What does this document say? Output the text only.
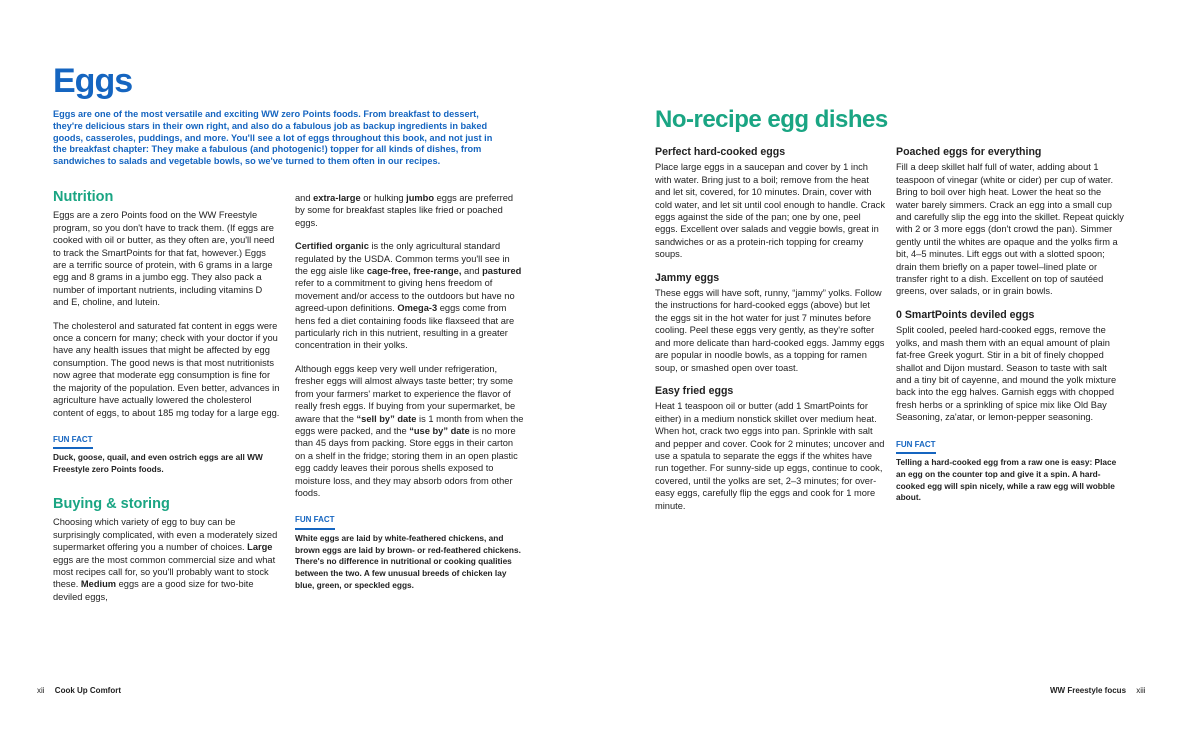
Eggs

Eggs are one of the most versatile and exciting WW zero Points foods. From breakfast to dessert, they're delicious stars in their own right, and also do a fabulous job as backup ingredients in baked goods, casseroles, puddings, and more. You'll see a lot of eggs throughout this book, and not just in the breakfast chapter: They make a fabulous (and photogenic!) topper for all kinds of dishes, from sandwiches to salads and vegetable bowls, so we've turned to them often in our recipes.

Nutrition

Eggs are a zero Points food on the WW Freestyle program, so you don't have to track them. (If eggs are cooked with oil or butter, as they often are, you'll need to track the SmartPoints for that fat, however.) Eggs are a terrific source of protein, with 6 grams in a large egg and 8 grams in a jumbo egg. They also pack a number of important nutrients, including vitamins D and E, choline, and lutein.

The cholesterol and saturated fat content in eggs were once a concern for many; check with your doctor if you have any health issues that might be affected by egg consumption. The good news is that most nutritionists now agree that moderate egg consumption is fine for the majority of the population. Even better, advances in agriculture have actually lowered the cholesterol content of eggs, to about 185 mg today for a large egg.

FUN FACT

Duck, goose, quail, and even ostrich eggs are all WW Freestyle zero Points foods.

Buying & storing

Choosing which variety of egg to buy can be surprisingly complicated, with even a moderately sized supermarket offering you a number of choices. Large eggs are the most common commercial size and what most recipes call for, so you'll probably want to stock these. Medium eggs are a good size for two-bite deviled eggs,

and extra-large or hulking jumbo eggs are preferred by some for breakfast staples like fried or poached eggs.

Certified organic is the only agricultural standard regulated by the USDA. Common terms you'll see in the egg aisle like cage-free, free-range, and pastured refer to a commitment to giving hens freedom of movement and/or access to the outdoors but have no agreed-upon definitions. Omega-3 eggs come from hens fed a diet containing foods like flaxseed that are particularly rich in this nutrient, resulting in a greater concentration in their yolks.

Although eggs keep very well under refrigeration, fresher eggs will almost always taste better; try some from your farmers' market to experience the flavor of really fresh eggs. If buying from your supermarket, be aware that the “sell by” date is 1 month from when the eggs were packed, and the “use by” date is no more than 45 days from packing. Store eggs in their carton on a shelf in the fridge; storing them in an open plastic egg caddy leaves their porous shells exposed to moisture loss, and they may absorb odors from other foods.

FUN FACT

White eggs are laid by white-feathered chickens, and brown eggs are laid by brown- or red-feathered chickens. There's no difference in nutritional or cooking qualities between the two. A few unusual breeds of chicken lay blue, green, or speckled eggs.

xii Cook Up Comfort
No-recipe egg dishes
Perfect hard-cooked eggs

Place large eggs in a saucepan and cover by 1 inch with water. Bring just to a boil; remove from the heat and let sit, covered, for 10 minutes. Drain, cover with cold water, and let sit until cool enough to handle. Crack eggs against the side of the pan; one by one, peel eggs. Excellent over salads and veggie bowls, great in sandwiches or as a protein-rich topping for creamy soups.

Jammy eggs

These eggs will have soft, runny, “jammy” yolks. Follow the instructions for hard-cooked eggs (above) but let the eggs sit in the hot water for just 7 minutes before cooling. Peel these eggs very gently, as they're softer and more delicate than hard-cooked eggs. Jammy eggs are popular in noodle bowls, as a topping for ramen soup, or smashed open over toast.

Easy fried eggs

Heat 1 teaspoon oil or butter (add 1 SmartPoints for either) in a medium nonstick skillet over medium heat. When hot, crack two eggs into pan. Sprinkle with salt and pepper and cover. Cook for 2 minutes; uncover and use a spatula to separate the eggs if the whites have run together. For sunny-side up eggs, continue to cook, covered, until the yolks are set, 2–3 minutes; for over-easy eggs, carefully flip the eggs and cook for 1 more minute.

Poached eggs for everything

Fill a deep skillet half full of water, adding about 1 teaspoon of vinegar (white or cider) per cup of water. Bring to boil over high heat. Lower the heat so the water barely simmers. Crack an egg into a small cup and carefully slip the egg into the skillet. Repeat quickly with 2 or 3 more eggs (don't crowd the pan). Simmer gently until the whites are opaque and the yolks firm a bit, 4–5 minutes. Lift eggs out with a slotted spoon; drain them briefly on a paper towel–lined plate or transfer right to a dish. Excellent on top of sautéed greens, over salads, or in grain bowls.

0 SmartPoints deviled eggs

Split cooled, peeled hard-cooked eggs, remove the yolks, and mash them with an equal amount of plain fat-free Greek yogurt. Stir in a bit of finely chopped shallot and Dijon mustard. Season to taste with salt and a tiny bit of cayenne, and mound the yolk mixture back into the egg halves. Garnish eggs with chopped fresh herbs or a sprinkling of spice mix like Old Bay Seasoning, za'atar, or lemon-pepper seasoning.

FUN FACT

Telling a hard-cooked egg from a raw one is easy: Place an egg on the counter top and give it a spin. A hard-cooked egg will spin nicely, while a raw egg will wobble about.

WW Freestyle focus xiii
